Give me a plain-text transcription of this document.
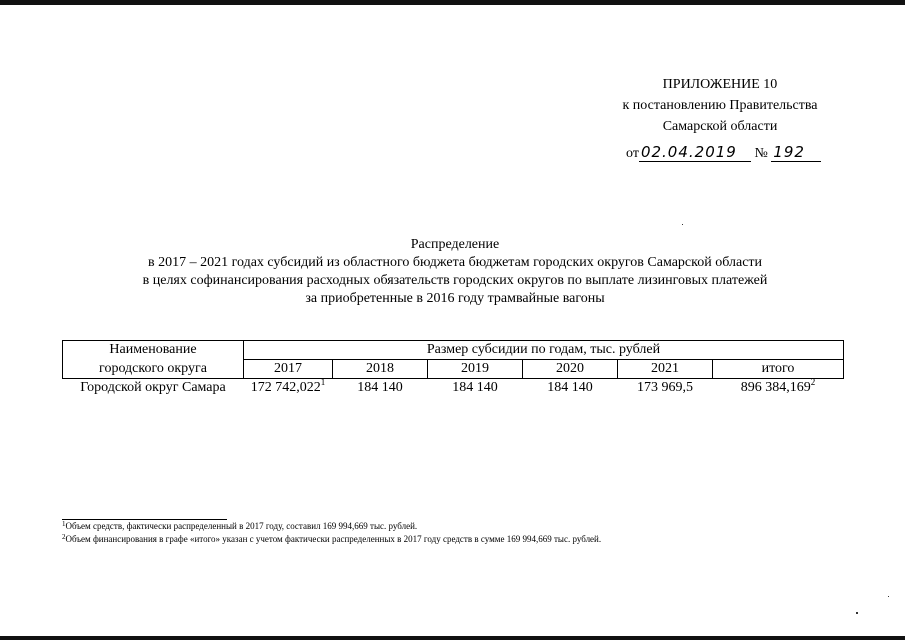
ПРИЛОЖЕНИЕ 10
к постановлению Правительства
Самарской области
от 02.04.2019 № 192
Распределение
в 2017 – 2021 годах субсидий из областного бюджета бюджетам городских округов Самарской области
в целях софинансирования расходных обязательств городских округов по выплате лизинговых платежей
за приобретенные в 2016 году трамвайные вагоны
Наименование	Размер субсидии по годам, тыс. рублей					
городского округа	2017	2018	2019	2020	2021	итого
Городской округ Самара	172 742,022$^1$	184 140	184 140	184 140	173 969,5	896 384,169$^2$
$^1$Объем средств, фактически распределенный в 2017 году, составил 169 994,669 тыс. рублей.
$^2$Объем финансирования в графе «итого» указан с учетом фактически распределенных в 2017 году средств в сумме 169 994,669 тыс. рублей.
